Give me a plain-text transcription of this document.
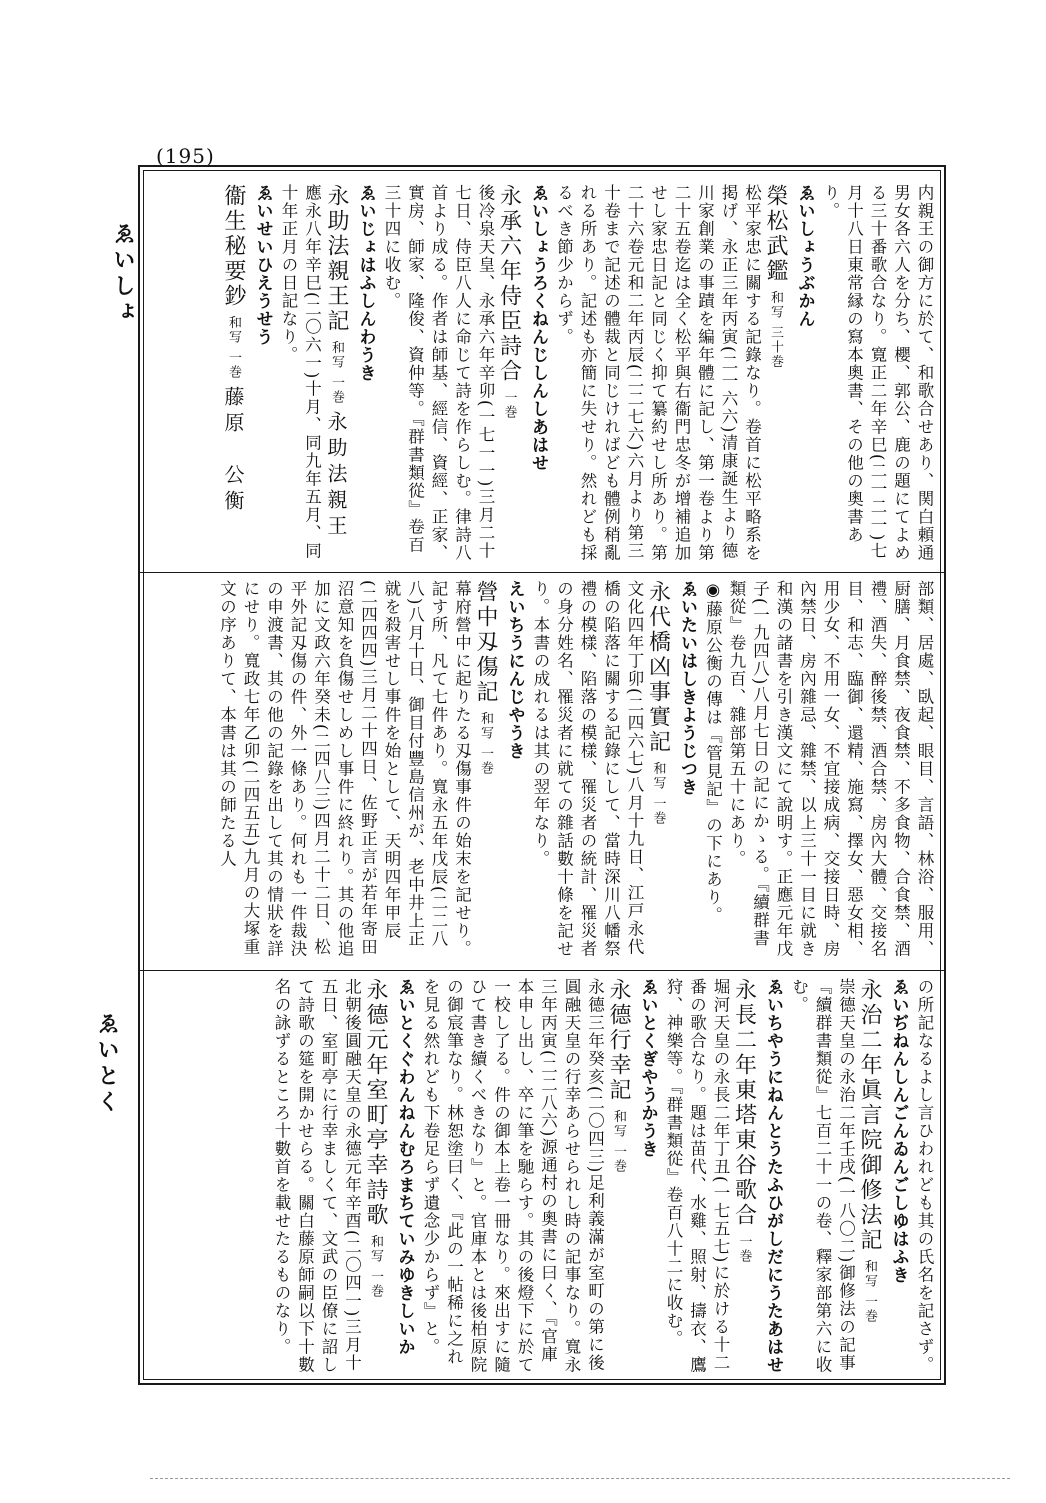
(195)
ゑいしょ
ゑいとく
内親王の御方に於て、和歌合せあり、関白頼通男女各六人を分ち、櫻、郭公、鹿の題にてよめる三十番歌合なり。寛正二年辛巳(二一二一)七月十八日東常縁の寫本奧書、その他の奧書あり。
ゑいしょうぶかん
榮松武鑑 和写 三十巻
松平家忠に關する記錄なり。卷首に松平略系を掲げ、永正三年丙寅(二一六六)清康誕生より德川家創業の事蹟を編年體に記し、第一卷より第二十五卷迄は全く松平與右衞門忠冬が增補追加せし家忠日記と同じく抑て纂約せし所あり。第二十六卷元和二年丙辰(二二七六)六月より第三十卷まで記述の體裁と同じければども體例稍亂れる所あり。記述も亦簡に失せり。然れども採るべき節少からず。
ゑいしょうろくねんじしんしあはせ
永承六年侍臣詩合 一巻
後冷泉天皇、永承六年辛卯(一七一一)三月二十七日、侍臣八人に命じて詩を作らしむ。律詩八首より成る。作者は師基、經信、資經、正家、實房、師家、隆俊、資仲等。『群書類從』卷百三十四に收む。
ゑいじょはふしんわうき
永助法親王記 和写 一巻 永助法親王
應永八年辛巳(二〇六一)十月、同九年五月、同十年正月の日記なり。
ゑいせいひえうせう
衞生秘要鈔 和写 一巻 藤原　公衡
部類、居處、臥起、眼目、言語、林浴、服用、厨膳、月食禁、夜食禁、不多食物、合食禁、酒禮、酒失、醉後禁、酒合禁、房內大體、交接名目、和志、臨御、還精、施寫、擇女、惡女相、用少女、不用一女、不宜接成病、交接日時、房內禁日、房內雜忌、雜禁、以上三十一目に就き和漢の諸書を引き漢文にて說明す。正應元年戊子(一九四八)八月七日の記にかゝる。『續群書類從』卷九百、雜部第五十にあり。
◉藤原公衡の傳は『管見記』の下にあり。
ゑいたいはしきようじつき
永代橋凶事實記 和写 一巻
文化四年丁卯(二四六七)八月十九日、江戸永代橋の陷落に關する記錄にして、當時深川八幡祭禮の模樣、陷落の模樣、罹災者の統計、罹災者の身分姓名、罹災者に就ての雜話數十條を記せり。本書の成れるは其の翌年なり。
えいちうにんじやうき
營中刄傷記 和写 一巻
幕府營中に起りたる刄傷事件の始末を記せり。記す所、凡て七件あり。寬永五年戊辰(二二八八)八月十日、御目付豐島信州が、老中井上正就を殺害せし事件を始として、天明四年甲辰(二四四四)三月二十四日、佐野正言が若年寄田沼意知を負傷せしめし事件に終れり。其の他追加に文政六年癸未(二四八三)四月二十二日、松平外記刄傷の件、外一條あり。何れも一件裁決の申渡書、其の他の記錄を出して其の情狀を詳にせり。寬政七年乙卯(二四五五)九月の大塚重文の序ありて、本書は其の師たる人
の所記なるよし言ひわれども其の氏名を記さず。
ゑいぢねんしんごんゐんごしゆはふき
永治二年眞言院御修法記 和写 一巻
崇德天皇の永治二年壬戌(一八〇二)御修法の記事『續群書類從』七百二十一の卷、釋家部第六に收む。
ゑいちやうにねんとうたふひがしだにうたあはせ
永長二年東塔東谷歌合 一巻
堀河天皇の永長二年丁丑(一七五七)に於ける十二番の歌合なり。題は苗代、水雞、照射、擣衣、鷹狩、神樂等。『群書類從』卷百八十二に收む。
ゑいとくぎやうかうき
永德行幸記 和写 一巻
永德三年癸亥(二〇四三)足利義滿が室町の第に後圓融天皇の行幸あらせられし時の記事なり。寬永三年丙寅(二二八六)源通村の奧書に曰く、『官庫本申し出し、卒に筆を馳らす。其の後燈下に於て一校し了る。件の御本上卷一冊なり。來出すに隨ひて書き續くべきなり』と。官庫本とは後柏原院の御宸筆なり。林恕塗曰く、『此の一帖稀に之れを見る然れども下卷足らず遺念少からず』と。
ゑいとくぐわんねんむろまちていみゆきしいか
永德元年室町亭幸詩歌 和写 一巻
北朝後圓融天皇の永德元年辛酉(二〇四一)三月十五日、室町亭に行幸ましくて、文武の臣僚に詔して詩歌の筵を開かせらる。關白藤原師嗣以下十數名の詠ずるところ十數首を載せたるものなり。
